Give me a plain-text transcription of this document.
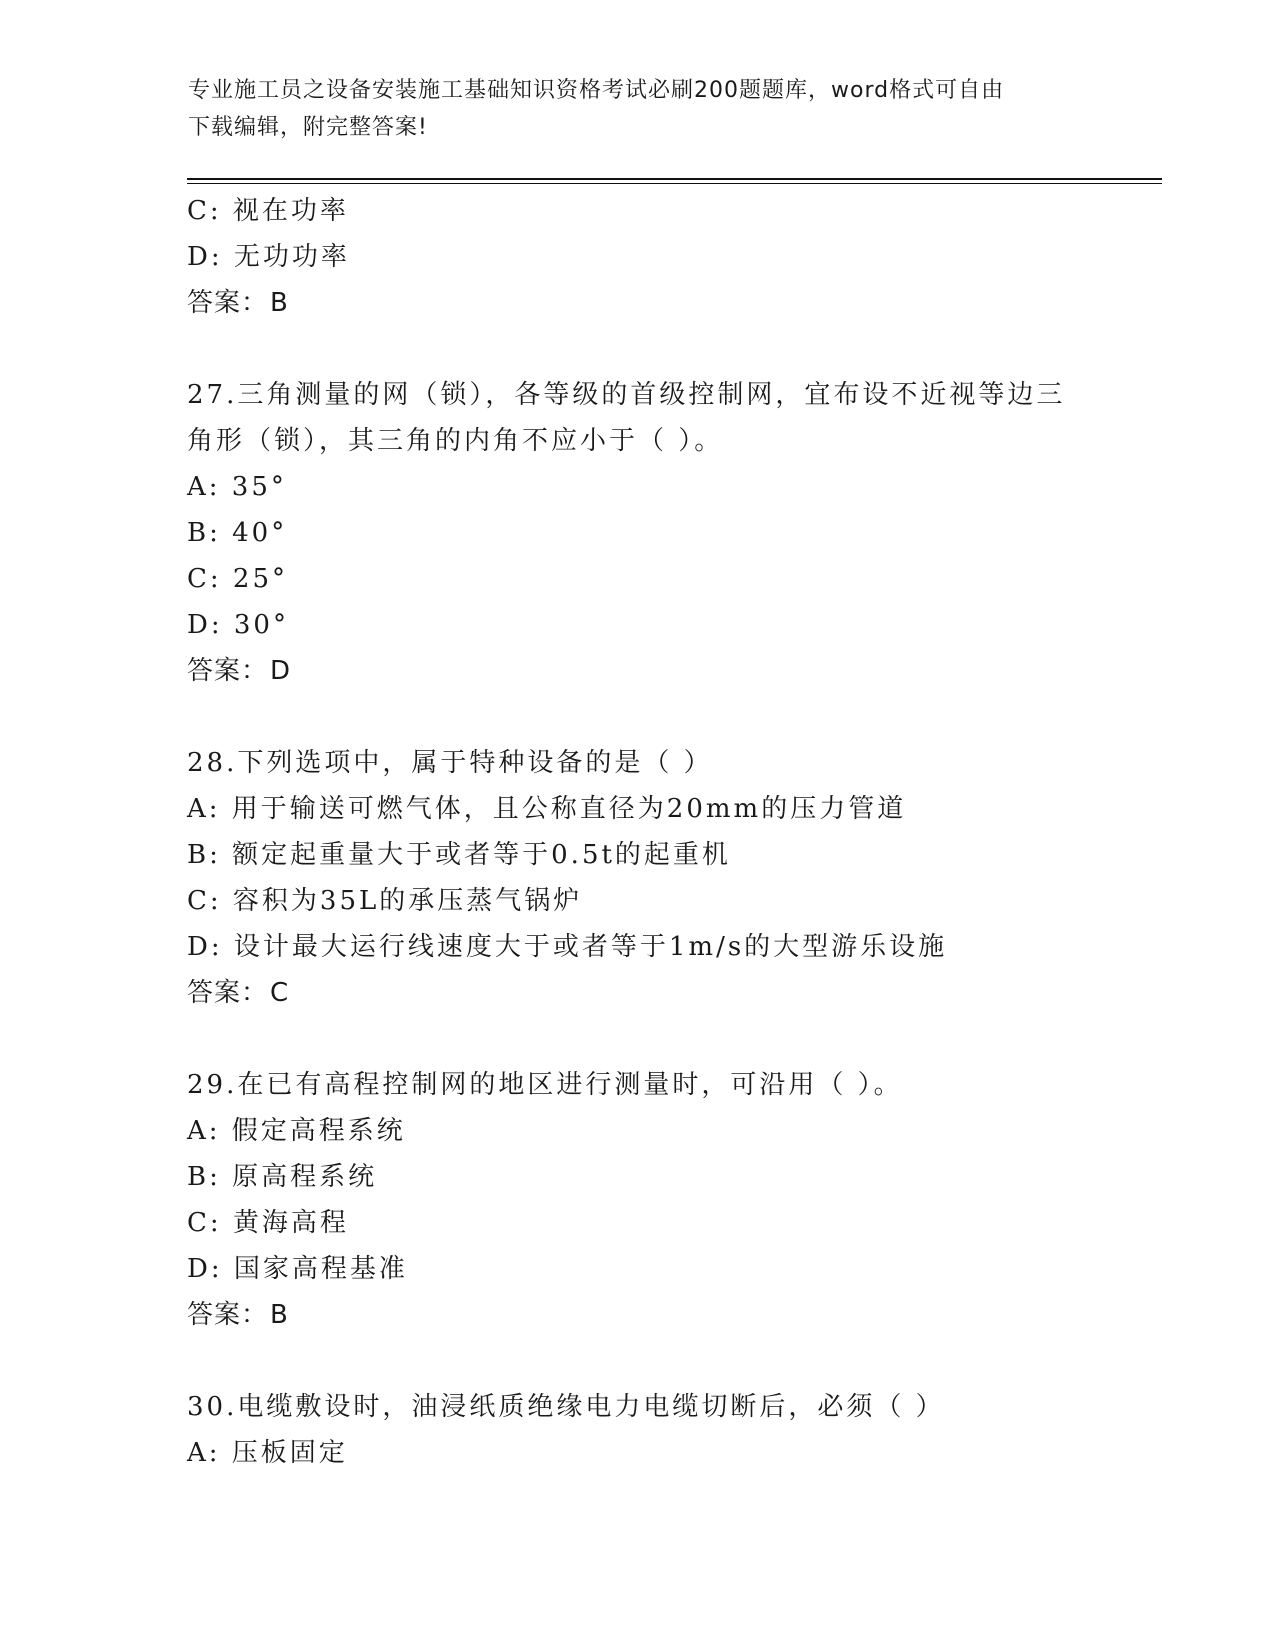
专业施工员之设备安装施工基础知识资格考试必刷200题题库，word格式可自由
下载编辑，附完整答案!
C: 视在功率
D: 无功功率
答案：B
27.三角测量的网（锁），各等级的首级控制网，宜布设不近视等边三
角形（锁），其三角的内角不应小于（ ）。
A: 35°
B: 40°
C: 25°
D: 30°
答案：D
28.下列选项中，属于特种设备的是（ ）
A: 用于输送可燃气体，且公称直径为20mm的压力管道
B: 额定起重量大于或者等于0.5t的起重机
C: 容积为35L的承压蒸气锅炉
D: 设计最大运行线速度大于或者等于1m/s的大型游乐设施
答案：C
29.在已有高程控制网的地区进行测量时，可沿用（ ）。
A: 假定高程系统
B: 原高程系统
C: 黄海高程
D: 国家高程基准
答案：B
30.电缆敷设时，油浸纸质绝缘电力电缆切断后，必须（ ）
A: 压板固定
